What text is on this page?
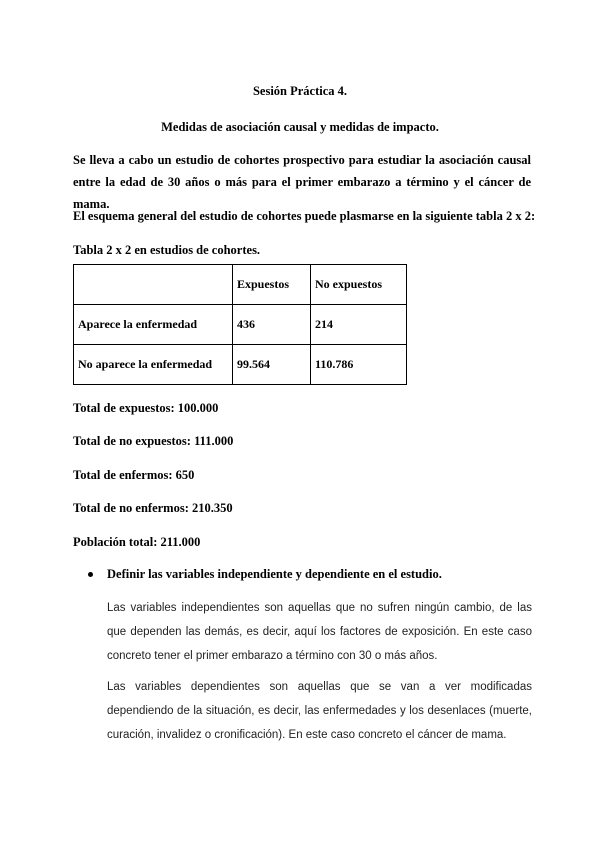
Sesión Práctica 4.
Medidas de asociación causal y medidas de impacto.
Se lleva a cabo un estudio de cohortes prospectivo para estudiar la asociación causal entre la edad de 30 años o más para el primer embarazo a término y el cáncer de mama.
El esquema general del estudio de cohortes puede plasmarse en la siguiente tabla 2 x 2:
Tabla 2 x 2 en estudios de cohortes.
	Expuestos	No expuestos
Aparece la enfermedad	436	214
No aparece la enfermedad	99.564	110.786
Total de expuestos: 100.000
Total de no expuestos: 111.000
Total de enfermos: 650
Total de no enfermos: 210.350
Población total: 211.000
Definir las variables independiente y dependiente en el estudio.
Las variables independientes son aquellas que no sufren ningún cambio, de las que dependen las demás, es decir, aquí los factores de exposición. En este caso concreto tener el primer embarazo a término con 30 o más años.
Las variables dependientes son aquellas que se van a ver modificadas dependiendo de la situación, es decir, las enfermedades y los desenlaces (muerte, curación, invalidez o cronificación). En este caso concreto el cáncer de mama.
